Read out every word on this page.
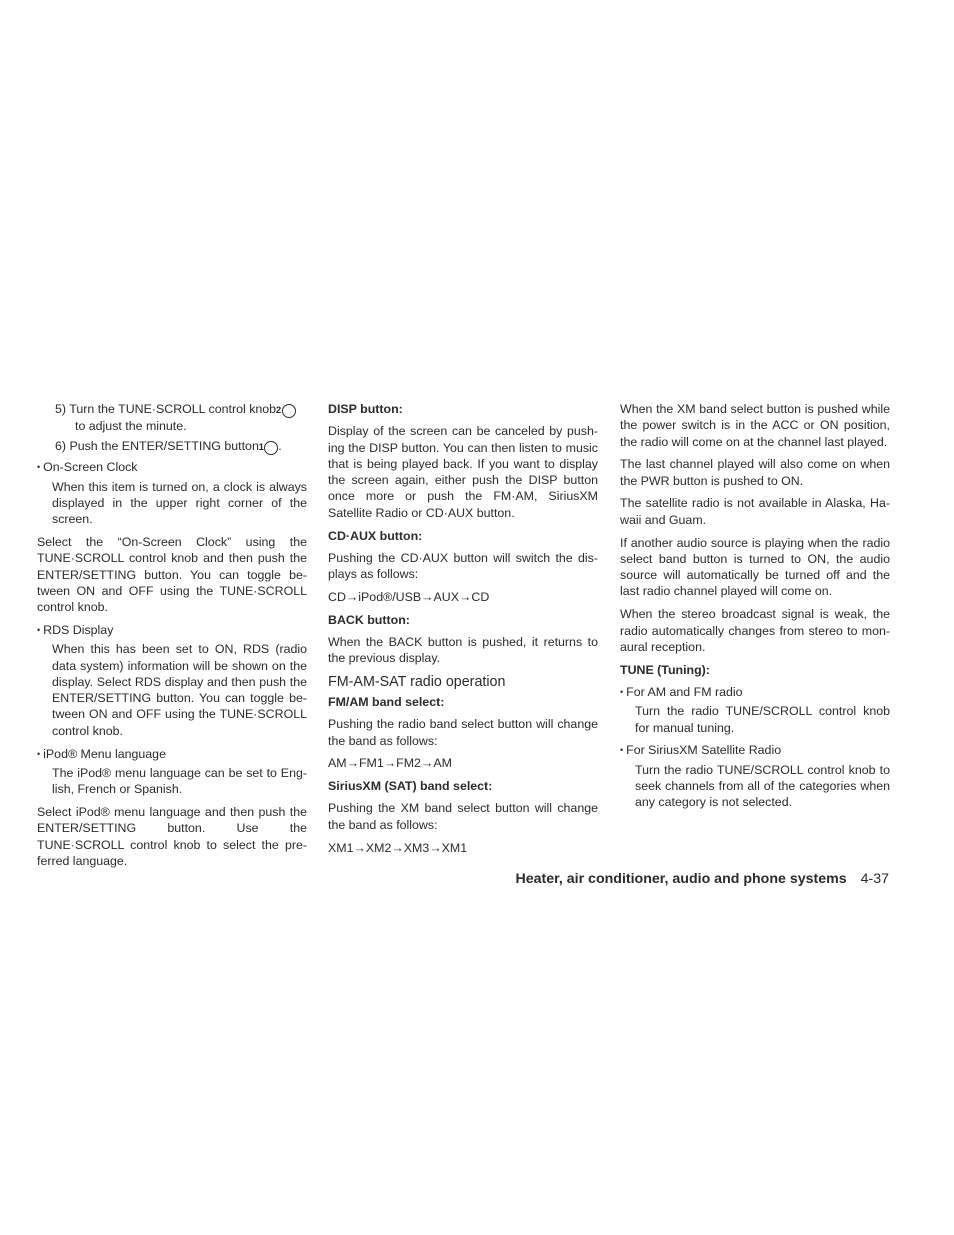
5) Turn the TUNE·SCROLL control knob 2 to adjust the minute.
6) Push the ENTER/SETTING button 1 .
• On-Screen Clock

When this item is turned on, a clock is always displayed in the upper right corner of the screen.

Select the “On-Screen Clock” using the TUNE·SCROLL control knob and then push the ENTER/SETTING button. You can toggle between ON and OFF using the TUNE·SCROLL control knob.

• RDS Display

When this has been set to ON, RDS (radio data system) information will be shown on the display. Select RDS display and then push the ENTER/SETTING button. You can toggle between ON and OFF using the TUNE·SCROLL control knob.

• iPod® Menu language

The iPod® menu language can be set to English, French or Spanish.

Select iPod® menu language and then push the ENTER/SETTING button. Use the TUNE·SCROLL control knob to select the preferred language.

DISP button:

Display of the screen can be canceled by pushing the DISP button. You can then listen to music that is being played back. If you want to display the screen again, either push the DISP button once more or push the FM·AM, SiriusXM Satellite Radio or CD·AUX button.

CD·AUX button:

Pushing the CD·AUX button will switch the displays as follows:

CD→iPod®/USB→AUX→CD

BACK button:

When the BACK button is pushed, it returns to the previous display.

FM-AM-SAT radio operation
FM/AM band select:

Pushing the radio band select button will change the band as follows:

AM→FM1→FM2→AM

SiriusXM (SAT) band select:

Pushing the XM band select button will change the band as follows:

XM1→XM2→XM3→XM1

When the XM band select button is pushed while the power switch is in the ACC or ON position, the radio will come on at the channel last played.

The last channel played will also come on when the PWR button is pushed to ON.

The satellite radio is not available in Alaska, Hawaii and Guam.

If another audio source is playing when the radio select band button is turned to ON, the audio source will automatically be turned off and the last radio channel played will come on.

When the stereo broadcast signal is weak, the radio automatically changes from stereo to monaural reception.

TUNE (Tuning):
• For AM and FM radio

Turn the radio TUNE/SCROLL control knob for manual tuning.

• For SiriusXM Satellite Radio

Turn the radio TUNE/SCROLL control knob to seek channels from all of the categories when any category is not selected.

Heater, air conditioner, audio and phone systems 4-37
